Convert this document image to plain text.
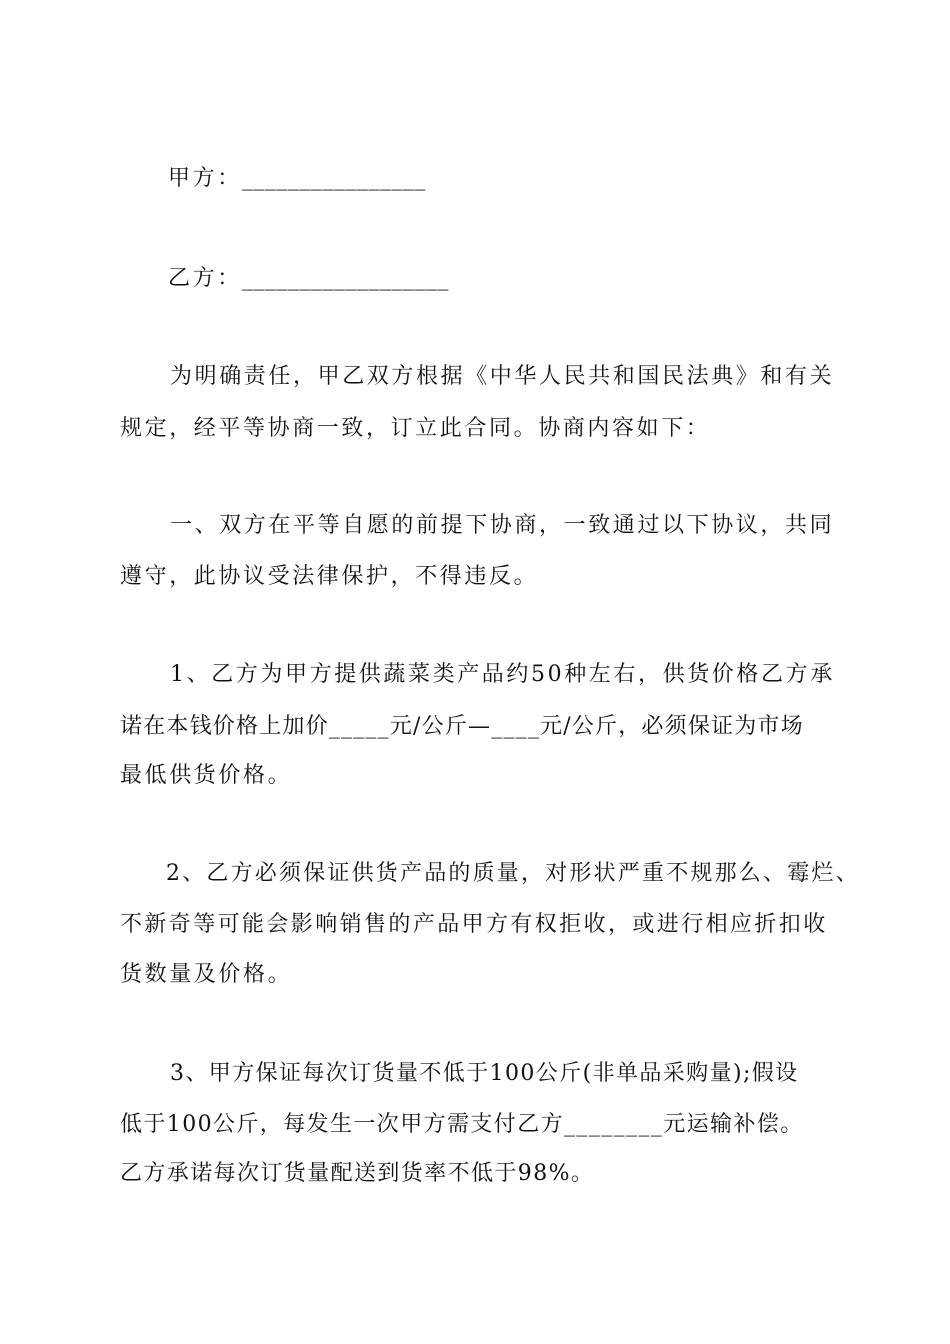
甲方：________________
乙方：__________________
为明确责任，甲乙双方根据《中华人民共和国民法典》和有关
规定，经平等协商一致，订立此合同。协商内容如下：
一、双方在平等自愿的前提下协商，一致通过以下协议，共同
遵守，此协议受法律保护，不得违反。
1、乙方为甲方提供蔬菜类产品约50种左右，供货价格乙方承
诺在本钱价格上加价_____元/公斤—____元/公斤，必须保证为市场
最低供货价格。
2、乙方必须保证供货产品的质量，对形状严重不规那么、霉烂、
不新奇等可能会影响销售的产品甲方有权拒收，或进行相应折扣收
货数量及价格。
3、甲方保证每次订货量不低于100公斤(非单品采购量);假设
低于100公斤，每发生一次甲方需支付乙方________元运输补偿。
乙方承诺每次订货量配送到货率不低于98%。
